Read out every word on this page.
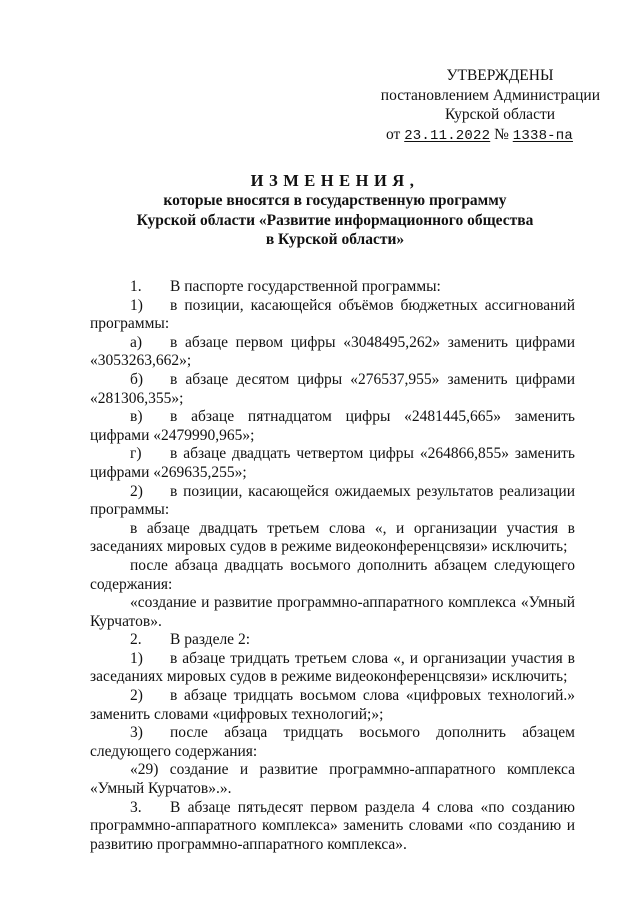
УТВЕРЖДЕНЫ
постановлением Администрации
Курской области
от 23.11.2022 № 1338-па
ИЗМЕНЕНИЯ,
которые вносятся в государственную программу
Курской области «Развитие информационного общества
в Курской области»

1. В паспорте государственной программы:

1) в позиции, касающейся объёмов бюджетных ассигнований программы:

а) в абзаце первом цифры «3048495,262» заменить цифрами «3053263,662»;

б) в абзаце десятом цифры «276537,955» заменить цифрами «281306,355»;

в) в абзаце пятнадцатом цифры «2481445,665» заменить цифрами «2479990,965»;

г) в абзаце двадцать четвертом цифры «264866,855» заменить цифрами «269635,255»;

2) в позиции, касающейся ожидаемых результатов реализации программы:

в абзаце двадцать третьем слова «, и организации участия в заседаниях мировых судов в режиме видеоконференцсвязи» исключить;

после абзаца двадцать восьмого дополнить абзацем следующего содержания:

«создание и развитие программно-аппаратного комплекса «Умный Курчатов».

2. В разделе 2:

1) в абзаце тридцать третьем слова «, и организации участия в заседаниях мировых судов в режиме видеоконференцсвязи» исключить;

2) в абзаце тридцать восьмом слова «цифровых технологий.» заменить словами «цифровых технологий;»;

3) после абзаца тридцать восьмого дополнить абзацем следующего содержания:

«29) создание и развитие программно-аппаратного комплекса «Умный Курчатов».».

3. В абзаце пятьдесят первом раздела 4 слова «по созданию программно-аппаратного комплекса» заменить словами «по созданию и развитию программно-аппаратного комплекса».
